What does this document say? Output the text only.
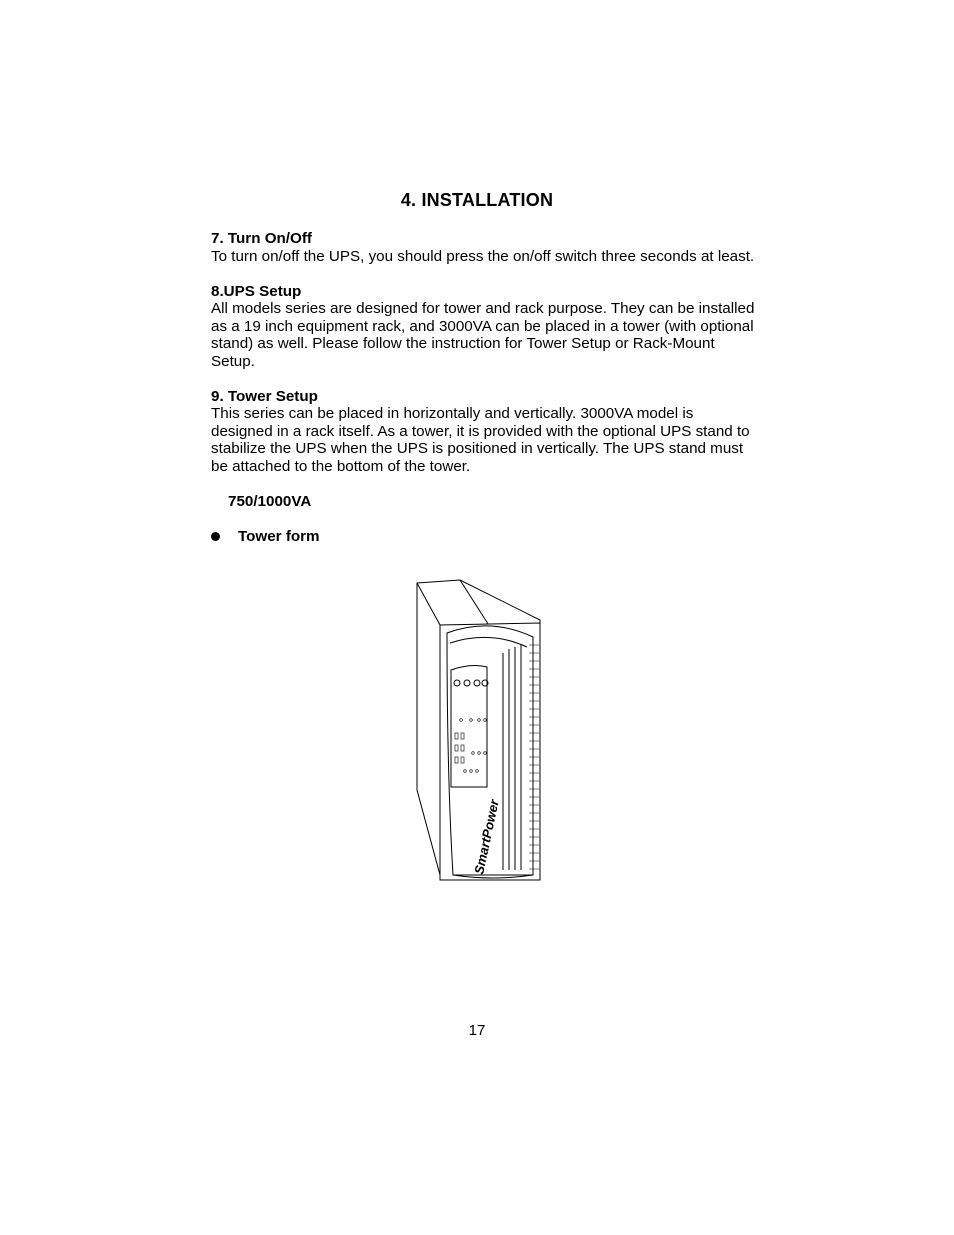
4. INSTALLATION
7. Turn On/Off
To turn on/off the UPS, you should press the on/off switch three seconds at least.
8.UPS Setup
All models series are designed for tower and rack purpose. They can be installed as a 19 inch equipment rack, and 3000VA can be placed in a tower (with optional stand) as well. Please follow the instruction for Tower Setup or Rack-Mount Setup.
9. Tower Setup
This series can be placed in horizontally and vertically. 3000VA model is designed in a rack itself. As a tower, it is provided with the optional UPS stand to stabilize the UPS when the UPS is positioned in vertically. The UPS stand must be attached to the bottom of the tower.
750/1000VA
Tower form
SmartPower
17
